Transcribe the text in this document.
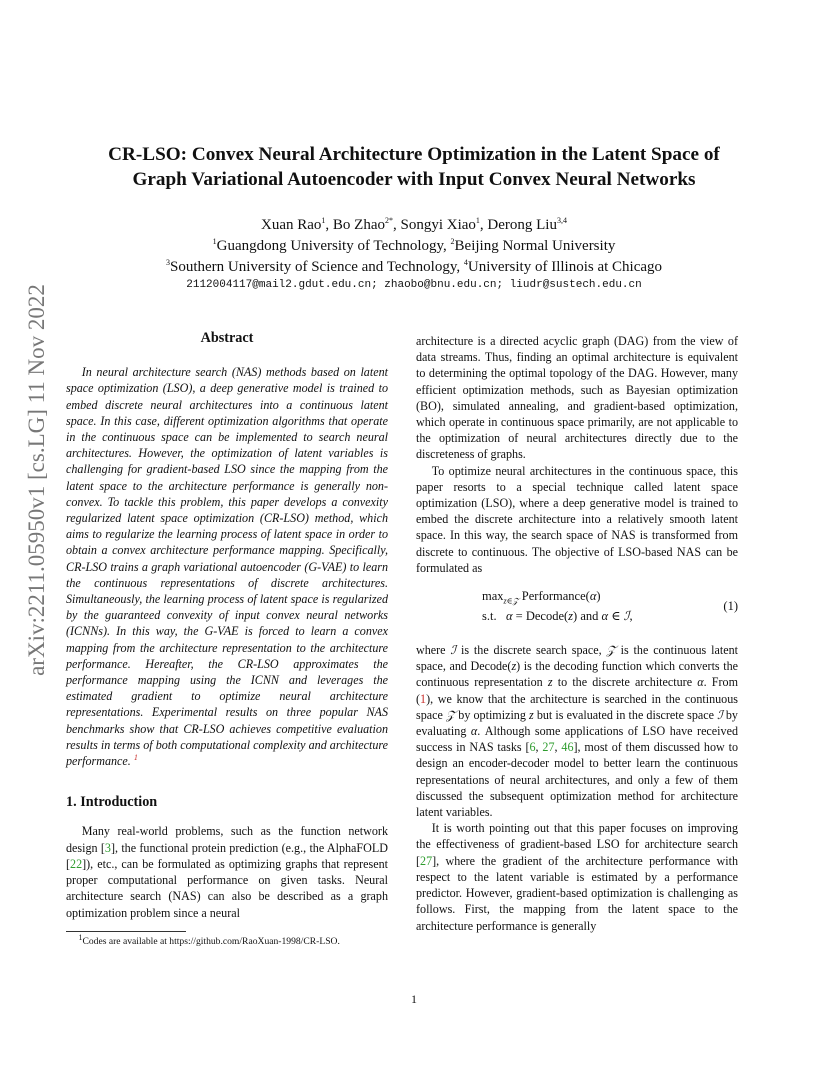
arXiv:2211.05950v1 [cs.LG] 11 Nov 2022
CR-LSO: Convex Neural Architecture Optimization in the Latent Space of
Graph Variational Autoencoder with Input Convex Neural Networks
Xuan Rao$^1$, Bo Zhao$^{2*}$, Songyi Xiao$^1$, Derong Liu$^{3,4}$
$^1$Guangdong University of Technology, $^2$Beijing Normal University
$^3$Southern University of Science and Technology, $^4$University of Illinois at Chicago
2112004117@mail2.gdut.edu.cn; zhaobo@bnu.edu.cn; liudr@sustech.edu.cn
Abstract

In neural architecture search (NAS) methods based on latent space optimization (LSO), a deep generative model is trained to embed discrete neural architectures into a continuous latent space. In this case, different optimization algorithms that operate in the continuous space can be implemented to search neural architectures. However, the optimization of latent variables is challenging for gradient-based LSO since the mapping from the latent space to the architecture performance is generally non-convex. To tackle this problem, this paper develops a convexity regularized latent space optimization (CR-LSO) method, which aims to regularize the learning process of latent space in order to obtain a convex architecture performance mapping. Specifically, CR-LSO trains a graph variational autoencoder (G-VAE) to learn the continuous representations of discrete architectures. Simultaneously, the learning process of latent space is regularized by the guaranteed convexity of input convex neural networks (ICNNs). In this way, the G-VAE is forced to learn a convex mapping from the architecture representation to the architecture performance. Hereafter, the CR-LSO approximates the performance mapping using the ICNN and leverages the estimated gradient to optimize neural architecture representations. Experimental results on three popular NAS benchmarks show that CR-LSO achieves competitive evaluation results in terms of both computational complexity and architecture performance. $^1$

1. Introduction

Many real-world problems, such as the function network design [3], the functional protein prediction (e.g., the AlphaFOLD [22]), etc., can be formulated as optimizing graphs that represent proper computational performance on given tasks. Neural architecture search (NAS) can also be described as a graph optimization problem since a neural

$^1$Codes are available at https://github.com/RaoXuan-1998/CR-LSO.

architecture is a directed acyclic graph (DAG) from the view of data streams. Thus, finding an optimal architecture is equivalent to determining the optimal topology of the DAG. However, many efficient optimization methods, such as Bayesian optimization (BO), simulated annealing, and gradient-based optimization, which operate in continuous space primarily, are not applicable to the optimization of neural architectures directly due to the discreteness of graphs.

To optimize neural architectures in the continuous space, this paper resorts to a special technique called latent space optimization (LSO), where a deep generative model is trained to embed the discrete architecture into a relatively smooth latent space. In this way, the search space of NAS is transformed from discrete to continuous. The objective of LSO-based NAS can be formulated as

$\max_{z\in 𝒵}$ Performance(α)
s.t. α = Decode(z) and α ∈ ℐ,
(1)

where ℐ is the discrete search space, 𝒵 is the continuous latent space, and Decode(z) is the decoding function which converts the continuous representation z to the discrete architecture α. From (1), we know that the architecture is searched in the continuous space 𝒵 by optimizing z but is evaluated in the discrete space ℐ by evaluating α. Although some applications of LSO have received success in NAS tasks [6, 27, 46], most of them discussed how to design an encoder-decoder model to better learn the continuous representations of neural architectures, and only a few of them discussed the subsequent optimization method for architecture latent variables.

It is worth pointing out that this paper focuses on improving the effectiveness of gradient-based LSO for architecture search [27], where the gradient of the architecture performance with respect to the latent variable is estimated by a performance predictor. However, gradient-based optimization is challenging as follows. First, the mapping from the latent space to the architecture performance is generally

1
